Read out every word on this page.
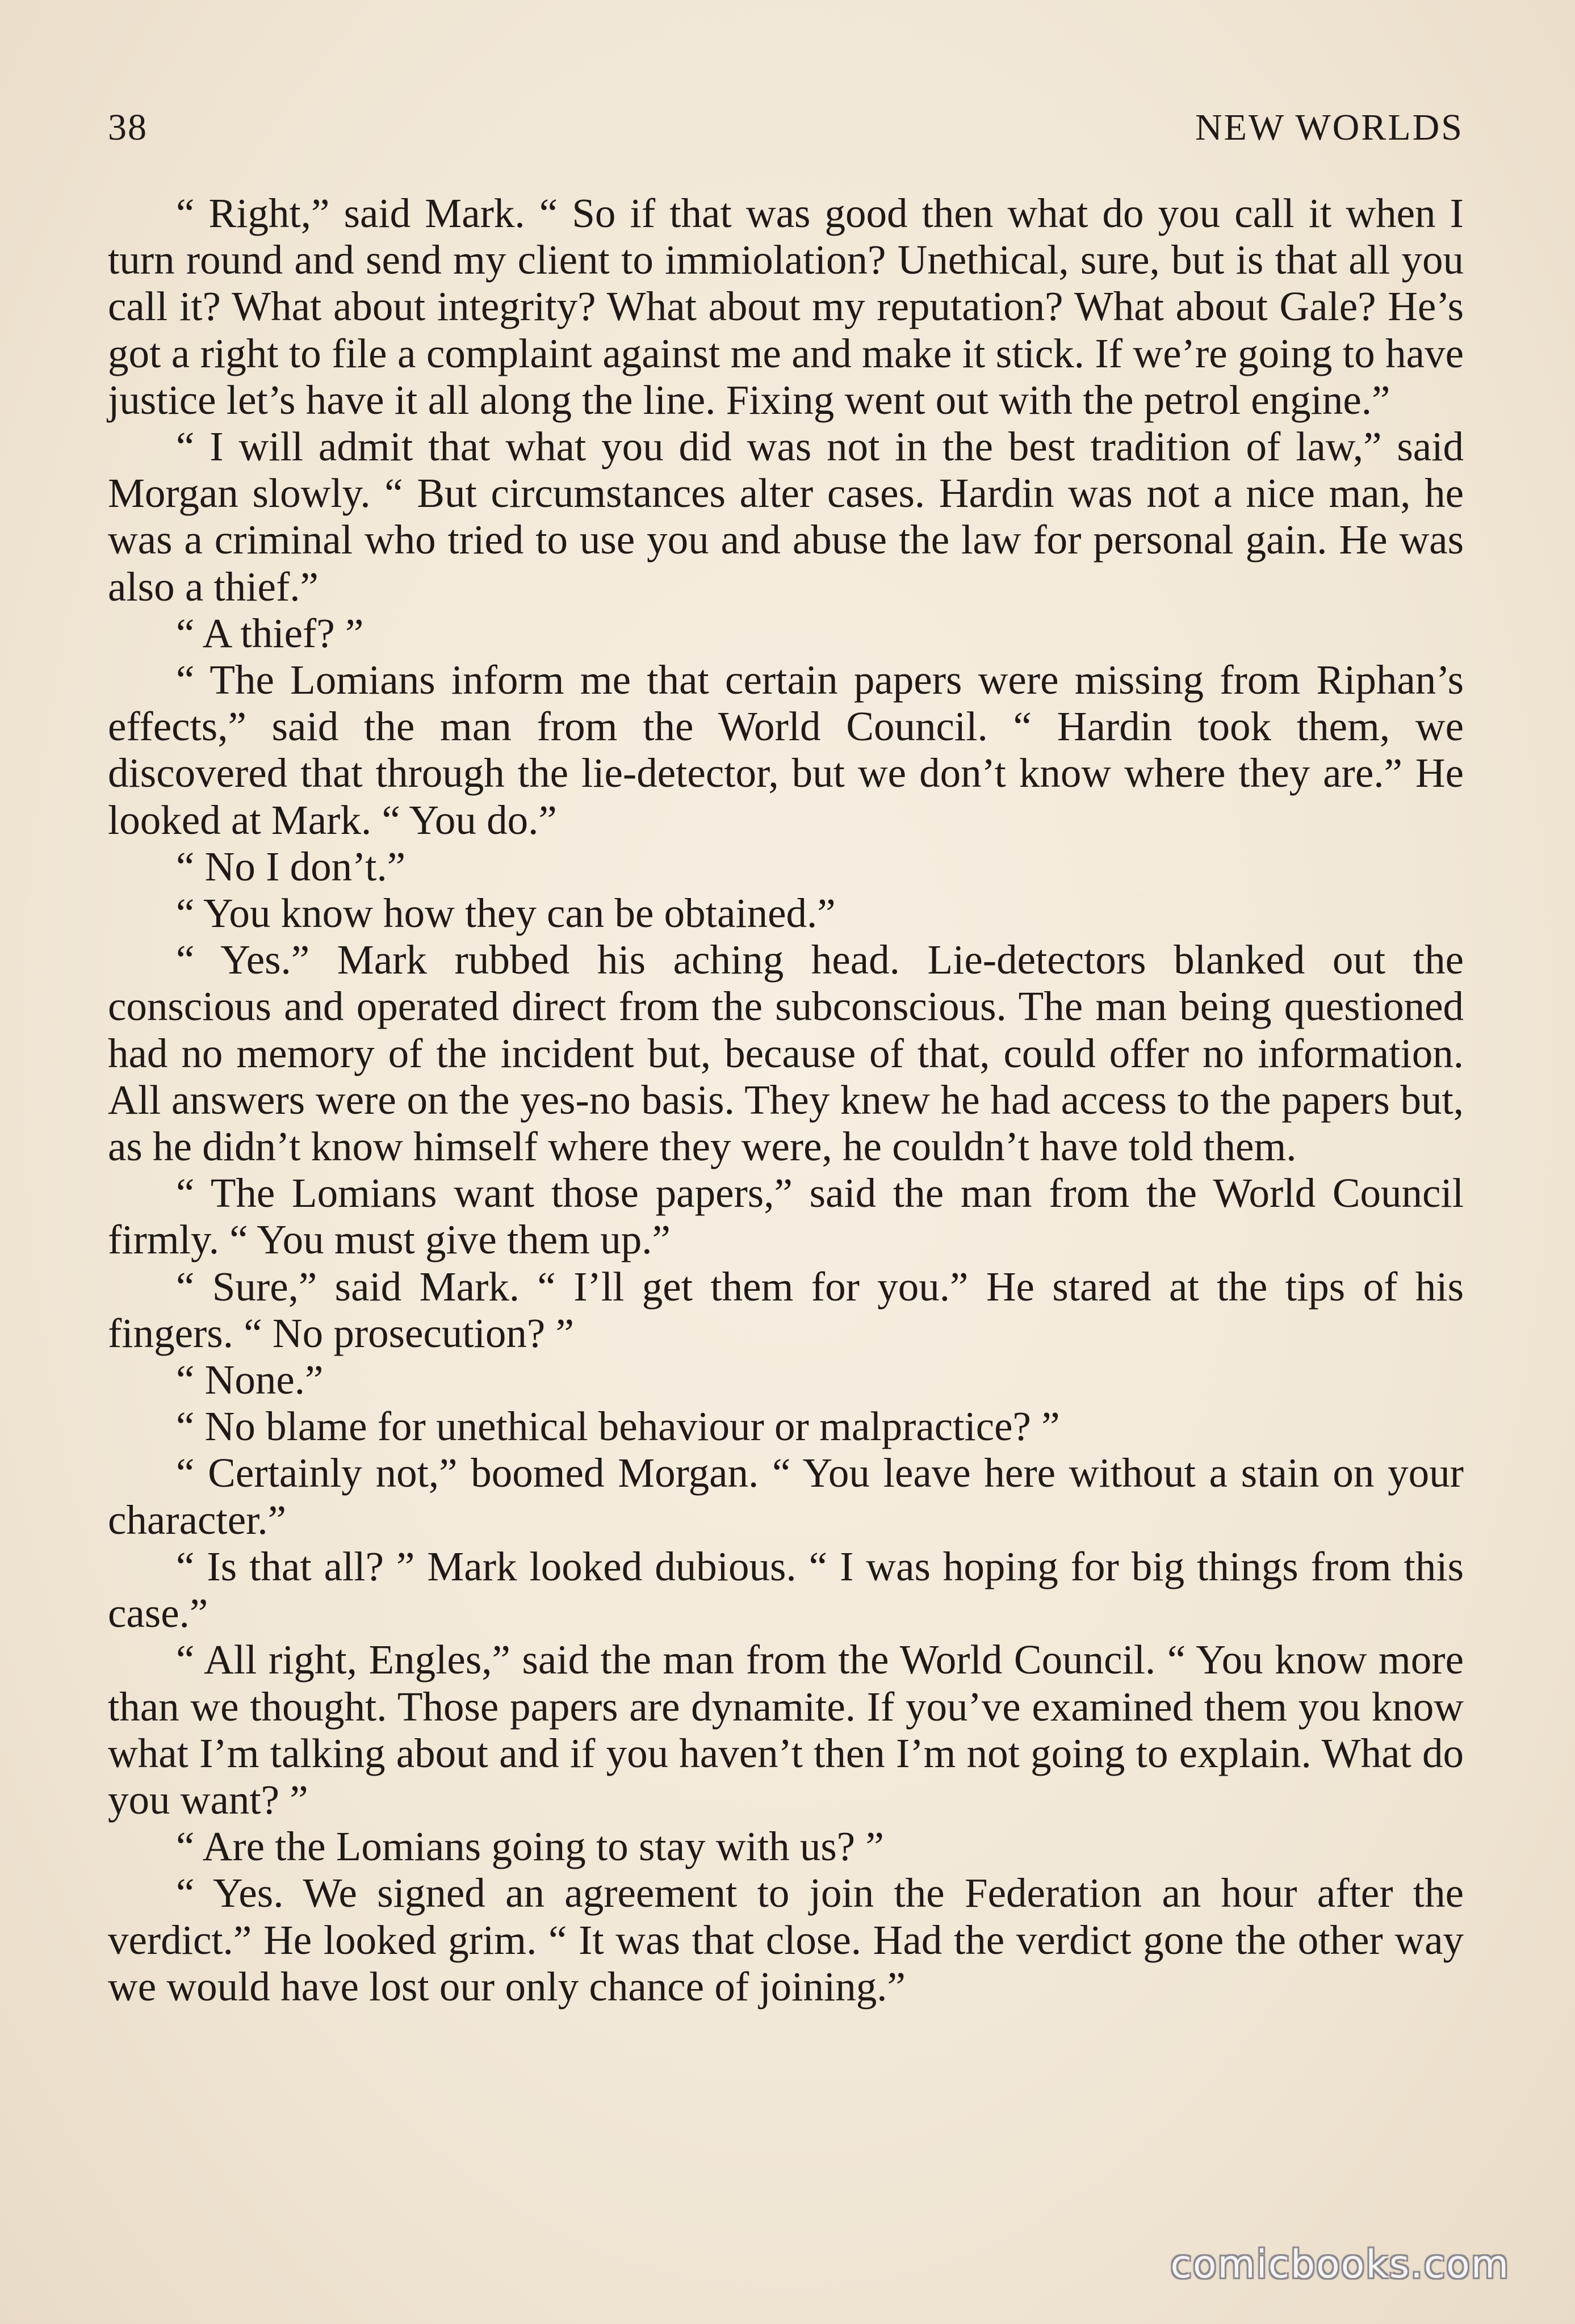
38	NEW WORLDS

“ Right,” said Mark. “ So if that was good then what do you call it when I turn round and send my client to immiolation? Unethical, sure, but is that all you call it? What about integrity? What about my reputation? What about Gale? He’s got a right to file a complaint against me and make it stick. If we’re going to have justice let’s have it all along the line. Fixing went out with the petrol engine.”

“ I will admit that what you did was not in the best tradition of law,” said Morgan slowly. “ But circumstances alter cases. Hardin was not a nice man, he was a criminal who tried to use you and abuse the law for personal gain. He was also a thief.”

“ A thief? ”

“ The Lomians inform me that certain papers were missing from Riphan’s effects,” said the man from the World Council. “ Hardin took them, we discovered that through the lie-detector, but we don’t know where they are.” He looked at Mark. “ You do.”

“ No I don’t.”

“ You know how they can be obtained.”

“ Yes.” Mark rubbed his aching head. Lie-detectors blanked out the conscious and operated direct from the subconscious. The man being questioned had no memory of the incident but, because of that, could offer no information. All answers were on the yes-no basis. They knew he had access to the papers but, as he didn’t know himself where they were, he couldn’t have told them.

“ The Lomians want those papers,” said the man from the World Council firmly. “ You must give them up.”

“ Sure,” said Mark. “ I’ll get them for you.” He stared at the tips of his fingers. “ No prosecution? ”

“ None.”

“ No blame for unethical behaviour or malpractice? ”

“ Certainly not,” boomed Morgan. “ You leave here without a stain on your character.”

“ Is that all? ” Mark looked dubious. “ I was hoping for big things from this case.”

“ All right, Engles,” said the man from the World Council. “ You know more than we thought. Those papers are dynamite. If you’ve examined them you know what I’m talking about and if you haven’t then I’m not going to explain. What do you want? ”

“ Are the Lomians going to stay with us? ”

“ Yes. We signed an agreement to join the Federation an hour after the verdict.” He looked grim. “ It was that close. Had the verdict gone the other way we would have lost our only chance of joining.”

comicbooks.com
